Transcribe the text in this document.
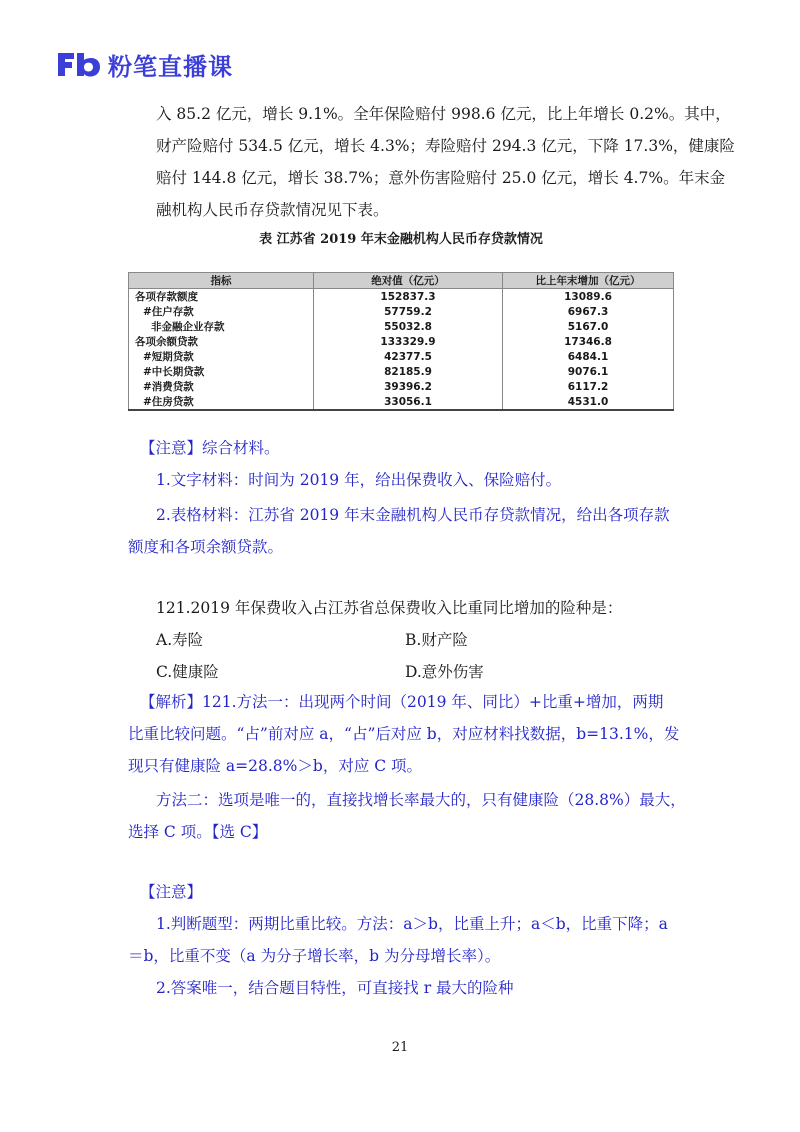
粉笔直播课
入 85.2 亿元，增长 9.1%。全年保险赔付 998.6 亿元，比上年增长 0.2%。其中，
财产险赔付 534.5 亿元，增长 4.3%；寿险赔付 294.3 亿元，下降 17.3%，健康险
赔付 144.8 亿元，增长 38.7%；意外伤害险赔付 25.0 亿元，增长 4.7%。年末金
融机构人民币存贷款情况见下表。
表 江苏省 2019 年末金融机构人民币存贷款情况
指标	绝对值（亿元）	比上年末增加（亿元）
各项存款额度	152837.3	13089.6
#住户存款	57759.2	6967.3
非金融企业存款	55032.8	5167.0
各项余额贷款	133329.9	17346.8
#短期贷款	42377.5	6484.1
#中长期贷款	82185.9	9076.1
#消费贷款	39396.2	6117.2
#住房贷款	33056.1	4531.0
【注意】综合材料。
1.文字材料：时间为 2019 年，给出保费收入、保险赔付。
2.表格材料：江苏省 2019 年末金融机构人民币存贷款情况，给出各项存款
额度和各项余额贷款。
121.2019 年保费收入占江苏省总保费收入比重同比增加的险种是：
A.寿险	B.财产险
C.健康险	D.意外伤害
【解析】121.方法一：出现两个时间（2019 年、同比）+比重+增加，两期
比重比较问题。“占”前对应 a，“占”后对应 b，对应材料找数据，b=13.1%，发
现只有健康险 a=28.8%＞b，对应 C 项。
方法二：选项是唯一的，直接找增长率最大的，只有健康险（28.8%）最大，
选择 C 项。【选 C】
【注意】
1.判断题型：两期比重比较。方法：a＞b，比重上升；a＜b，比重下降；a
＝b，比重不变（a 为分子增长率，b 为分母增长率）。
2.答案唯一，结合题目特性，可直接找 r 最大的险种
21
